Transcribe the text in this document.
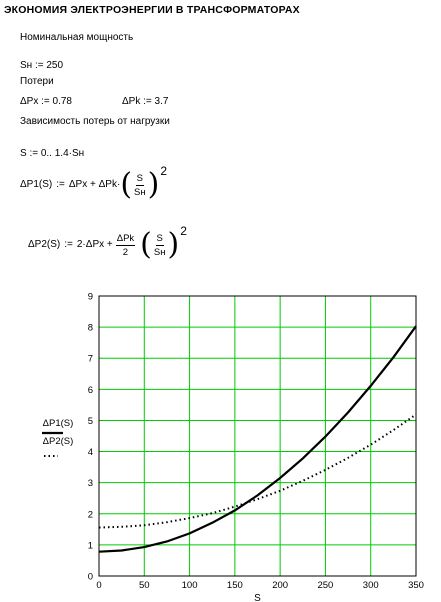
ЭКОНОМИЯ ЭЛЕКТРОЭНЕРГИИ В ТРАНСФОРМАТОРАХ
Номинальная мощность
Sн := 250
Потери
ΔPх := 0.78	ΔPk := 3.7
Зависимость потерь от нагрузки
S := 0.. 1.4·Sн
ΔP1(S) := ΔPх + ΔPk· ( $\frac{S}{Sн}$ ) 2
ΔP2(S) := $2\cdot\Delta Pх + \frac{\text{ΔPk}}{2}$ ( $\frac{S}{Sн}$ ) 2
0	50	100	150	200	250	300	350
0
1
2
3
4
5
6
7
8
9
S
ΔP1(S)
ΔP2(S)
